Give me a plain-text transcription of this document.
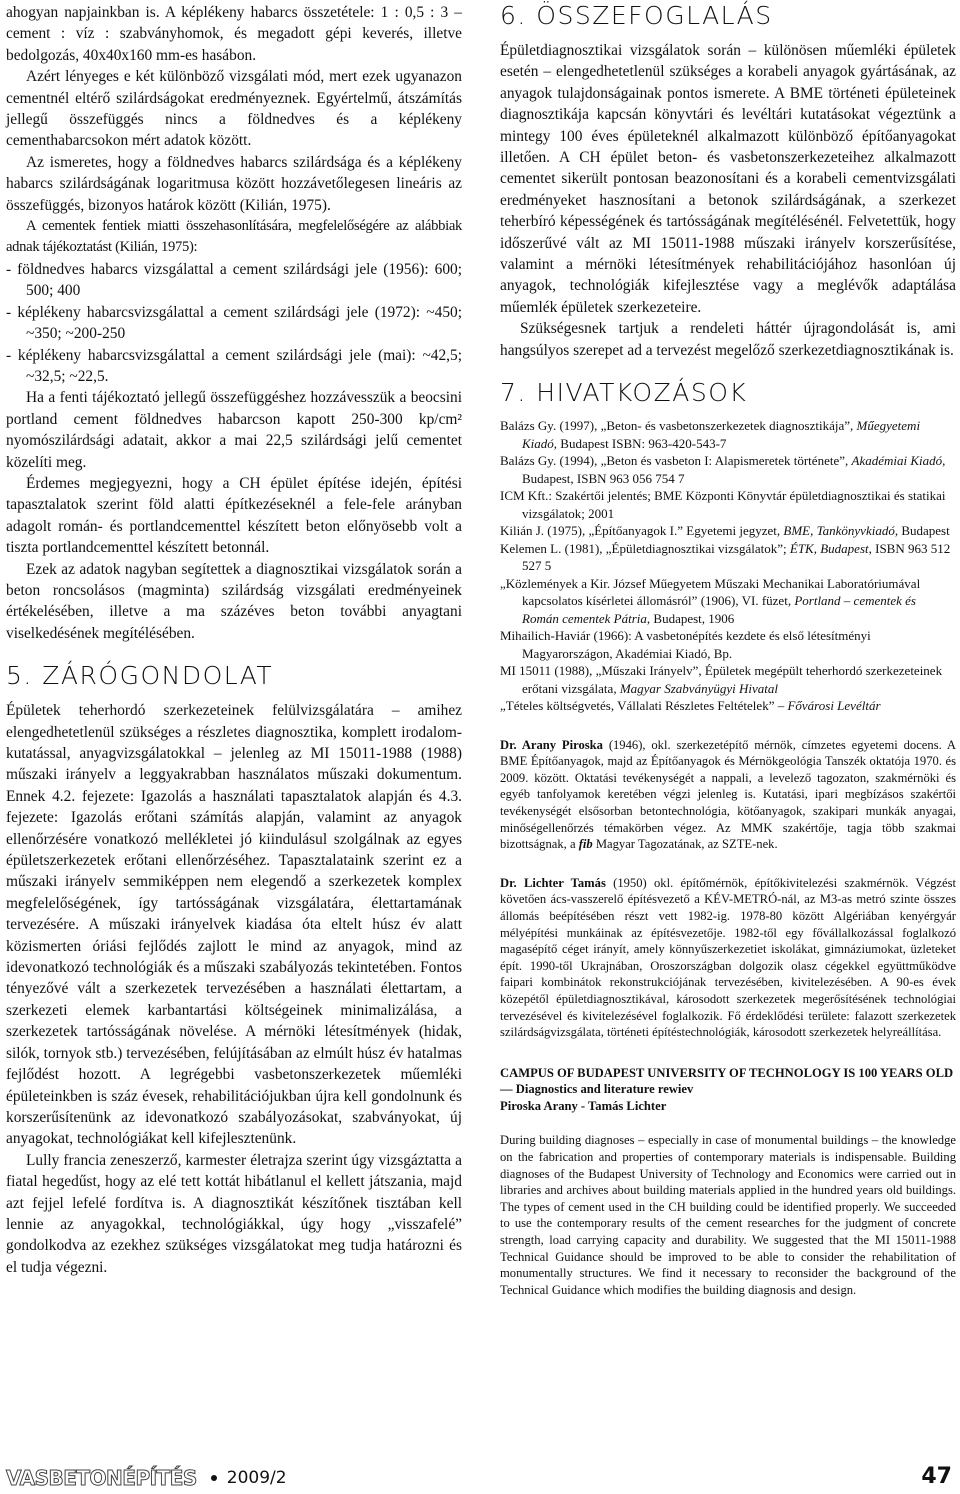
ahogyan napjainkban is. A képlékeny habarcs összetétele: 1 : 0,5 : 3 – cement : víz : szabványhomok, és megadott gépi keverés, illetve bedolgozás, 40x40x160 mm-es hasábon.

Azért lényeges e két különböző vizsgálati mód, mert ezek ugyanazon cementnél eltérő szilárdságokat eredményeznek. Egyértelmű, átszámítás jellegű összefüggés nincs a földnedves és a képlékeny cementhabarcsokon mért adatok között.

Az ismeretes, hogy a földnedves habarcs szilárdsága és a képlékeny habarcs szilárdságának logaritmusa között hozzávetőlegesen lineáris az összefüggés, bizonyos határok között (Kilián, 1975).

A cementek fentiek miatti összehasonlítására, megfelelőségére az alábbiak adnak tájékoztatást (Kilián, 1975):

- földnedves habarcs vizsgálattal a cement szilárdsági jele (1956): 600; 500; 400
- képlékeny habarcsvizsgálattal a cement szilárdsági jele (1972): ~450; ~350; ~200-250
- képlékeny habarcsvizsgálattal a cement szilárdsági jele (mai): ~42,5; ~32,5; ~22,5.

Ha a fenti tájékoztató jellegű összefüggéshez hozzávesszük a beocsini portland cement földnedves habarcson kapott 250-300 kp/cm² nyomószilárdsági adatait, akkor a mai 22,5 szilárdsági jelű cementet közelíti meg.

Érdemes megjegyezni, hogy a CH épület építése idején, építési tapasztalatok szerint föld alatti építkezéseknél a fele-fele arányban adagolt román- és portlandcementtel készített beton előnyösebb volt a tiszta portlandcementtel készített betonnál.

Ezek az adatok nagyban segítettek a diagnosztikai vizsgálatok során a beton roncsolásos (magminta) szilárdság vizsgálati eredményeinek értékelésében, illetve a ma százéves beton további anyagtani viselkedésének megítélésében.

5. ZÁRÓGONDOLAT

Épületek teherhordó szerkezeteinek felülvizsgálatára – amihez elengedhetetlenül szükséges a részletes diagnosztika, komplett irodalom-kutatással, anyagvizsgálatokkal – jelenleg az MI 15011-1988 (1988) műszaki irányelv a leggyakrabban használatos műszaki dokumentum. Ennek 4.2. fejezete: Igazolás a használati tapasztalatok alapján és 4.3. fejezete: Igazolás erőtani számítás alapján, valamint az anyagok ellenőrzésére vonatkozó mellékletei jó kiindulásul szolgálnak az egyes épületszerkezetek erőtani ellenőrzéséhez. Tapasztalataink szerint ez a műszaki irányelv semmiképpen nem elegendő a szerkezetek komplex megfelelőségének, így tartósságának vizsgálatára, élettartamának tervezésére. A műszaki irányelvek kiadása óta eltelt húsz év alatt közismerten óriási fejlődés zajlott le mind az anyagok, mind az idevonatkozó technológiák és a műszaki szabályozás tekintetében. Fontos tényezővé vált a szerkezetek tervezésében a használati élettartam, a szerkezeti elemek karbantartási költségeinek minimalizálása, a szerkezetek tartósságának növelése. A mérnöki létesítmények (hidak, silók, tornyok stb.) tervezésében, felújításában az elmúlt húsz év hatalmas fejlődést hozott. A legrégebbi vasbetonszerkezetek műemléki épületeinkben is száz évesek, rehabilitációjukban újra kell gondolnunk és korszerűsítenünk az idevonatkozó szabályozásokat, szabványokat, új anyagokat, technológiákat kell kifejlesztenünk.

Lully francia zeneszerző, karmester életrajza szerint úgy vizsgáztatta a fiatal hegedűst, hogy az elé tett kottát hibátlanul el kellett játszania, majd azt fejjel lefelé fordítva is. A diagnosztikát készítőnek tisztában kell lennie az anyagokkal, technológiákkal, úgy hogy „visszafelé” gondolkodva az ezekhez szükséges vizsgálatokat meg tudja határozni és el tudja végezni.

6. ÖSSZEFOGLALÁS

Épületdiagnosztikai vizsgálatok során – különösen műemléki épületek esetén – elengedhetetlenül szükséges a korabeli anyagok gyártásának, az anyagok tulajdonságainak pontos ismerete. A BME történeti épületeinek diagnosztikája kapcsán könyvtári és levéltári kutatásokat végeztünk a mintegy 100 éves épületeknél alkalmazott különböző építőanyagokat illetően. A CH épület beton- és vasbetonszerkezeteihez alkalmazott cementet sikerült pontosan beazonosítani és a korabeli cementvizsgálati eredményeket hasznosítani a betonok szilárdságának, a szerkezet teherbíró képességének és tartósságának megítélésénél. Felvetettük, hogy időszerűvé vált az MI 15011-1988 műszaki irányelv korszerűsítése, valamint a mérnöki létesítmények rehabilitációjához hasonlóan új anyagok, technológiák kifejlesztése vagy a meglévők adaptálása műemlék épületek szerkezeteire.

Szükségesnek tartjuk a rendeleti háttér újragondolását is, ami hangsúlyos szerepet ad a tervezést megelőző szerkezetdiagnosztikának is.

7. HIVATKOZÁSOK
Balázs Gy. (1997), „Beton- és vasbetonszerkezetek diagnosztikája”, Műegyetemi Kiadó, Budapest ISBN: 963-420-543-7
Balázs Gy. (1994), „Beton és vasbeton I: Alapismeretek története”, Akadémiai Kiadó, Budapest, ISBN 963 056 754 7
ICM Kft.: Szakértői jelentés; BME Központi Könyvtár épületdiagnosztikai és statikai vizsgálatok; 2001
Kilián J. (1975), „Építőanyagok I.” Egyetemi jegyzet, BME, Tankönyvkiadó, Budapest
Kelemen L. (1981), „Épületdiagnosztikai vizsgálatok”; ÉTK, Budapest, ISBN 963 512 527 5
„Közlemények a Kir. József Műegyetem Műszaki Mechanikai Laboratóriumával kapcsolatos kísérletei állomásról” (1906), VI. füzet, Portland – cementek és Román cementek Pátria, Budapest, 1906
Mihailich-Haviár (1966): A vasbetonépítés kezdete és első létesítményi Magyarországon, Akadémiai Kiadó, Bp.
MI 15011 (1988), „Műszaki Irányelv”, Épületek megépült teherhordó szerkezeteinek erőtani vizsgálata, Magyar Szabványügyi Hivatal
„Tételes költségvetés, Vállalati Részletes Feltételek” – Fővárosi Levéltár
Dr. Arany Piroska (1946), okl. szerkezetépítő mérnök, címzetes egyetemi docens. A BME Építőanyagok, majd az Építőanyagok és Mérnökgeológia Tanszék oktatója 1970. és 2009. között. Oktatási tevékenységét a nappali, a levelező tagozaton, szakmérnöki és egyéb tanfolyamok keretében végzi jelenleg is. Kutatási, ipari megbízásos szakértői tevékenységét elsősorban betontechnológia, kötőanyagok, szakipari munkák anyagai, minőségellenőrzés témakörben végez. Az MMK szakértője, tagja több szakmai bizottságnak, a fib Magyar Tagozatának, az SZTE-nek.
Dr. Lichter Tamás (1950) okl. építőmérnök, építőkivitelezési szakmérnök. Végzést követően ács-vasszerelő építésvezető a KÉV-METRÓ-nál, az M3-as metró szinte összes állomás beépítésében részt vett 1982-ig. 1978-80 között Algériában kenyérgyár mélyépítési munkáinak az építésvezetője. 1982-től egy fővállalkozással foglalkozó magasépítő céget irányít, amely könnyűszerkezetiet iskolákat, gimnáziumokat, üzleteket épít. 1990-től Ukrajnában, Oroszországban dolgozik olasz cégekkel együttműködve faipari kombinátok rekonstrukciójának tervezésében, kivitelezésében. A 90-es évek közepétől épületdiagnosztikával, károsodott szerkezetek megerősítésének technológiai tervezésével és kivitelezésével foglalkozik. Fő érdeklődési területe: falazott szerkezetek szilárdságvizsgálata, történeti építéstechnológiák, károsodott szerkezetek helyreállítása.
CAMPUS OF BUDAPEST UNIVERSITY OF TECHNOLOGY IS 100 YEARS OLD — Diagnostics and literature rewiev
Piroska Arany - Tamás Lichter
During building diagnoses – especially in case of monumental buildings – the knowledge on the fabrication and properties of contemporary materials is indispensable. Building diagnoses of the Budapest University of Technology and Economics were carried out in libraries and archives about building materials applied in the hundred years old buildings. The types of cement used in the CH building could be identified properly. We succeeded to use the contemporary results of the cement researches for the judgment of concrete strength, load carrying capacity and durability. We suggested that the MI 15011-1988 Technical Guidance should be improved to be able to consider the rehabilitation of monumentally structures. We find it necessary to reconsider the background of the Technical Guidance which modifies the building diagnosis and design.
VASBETONÉPÍTÉS 2009/2	47
